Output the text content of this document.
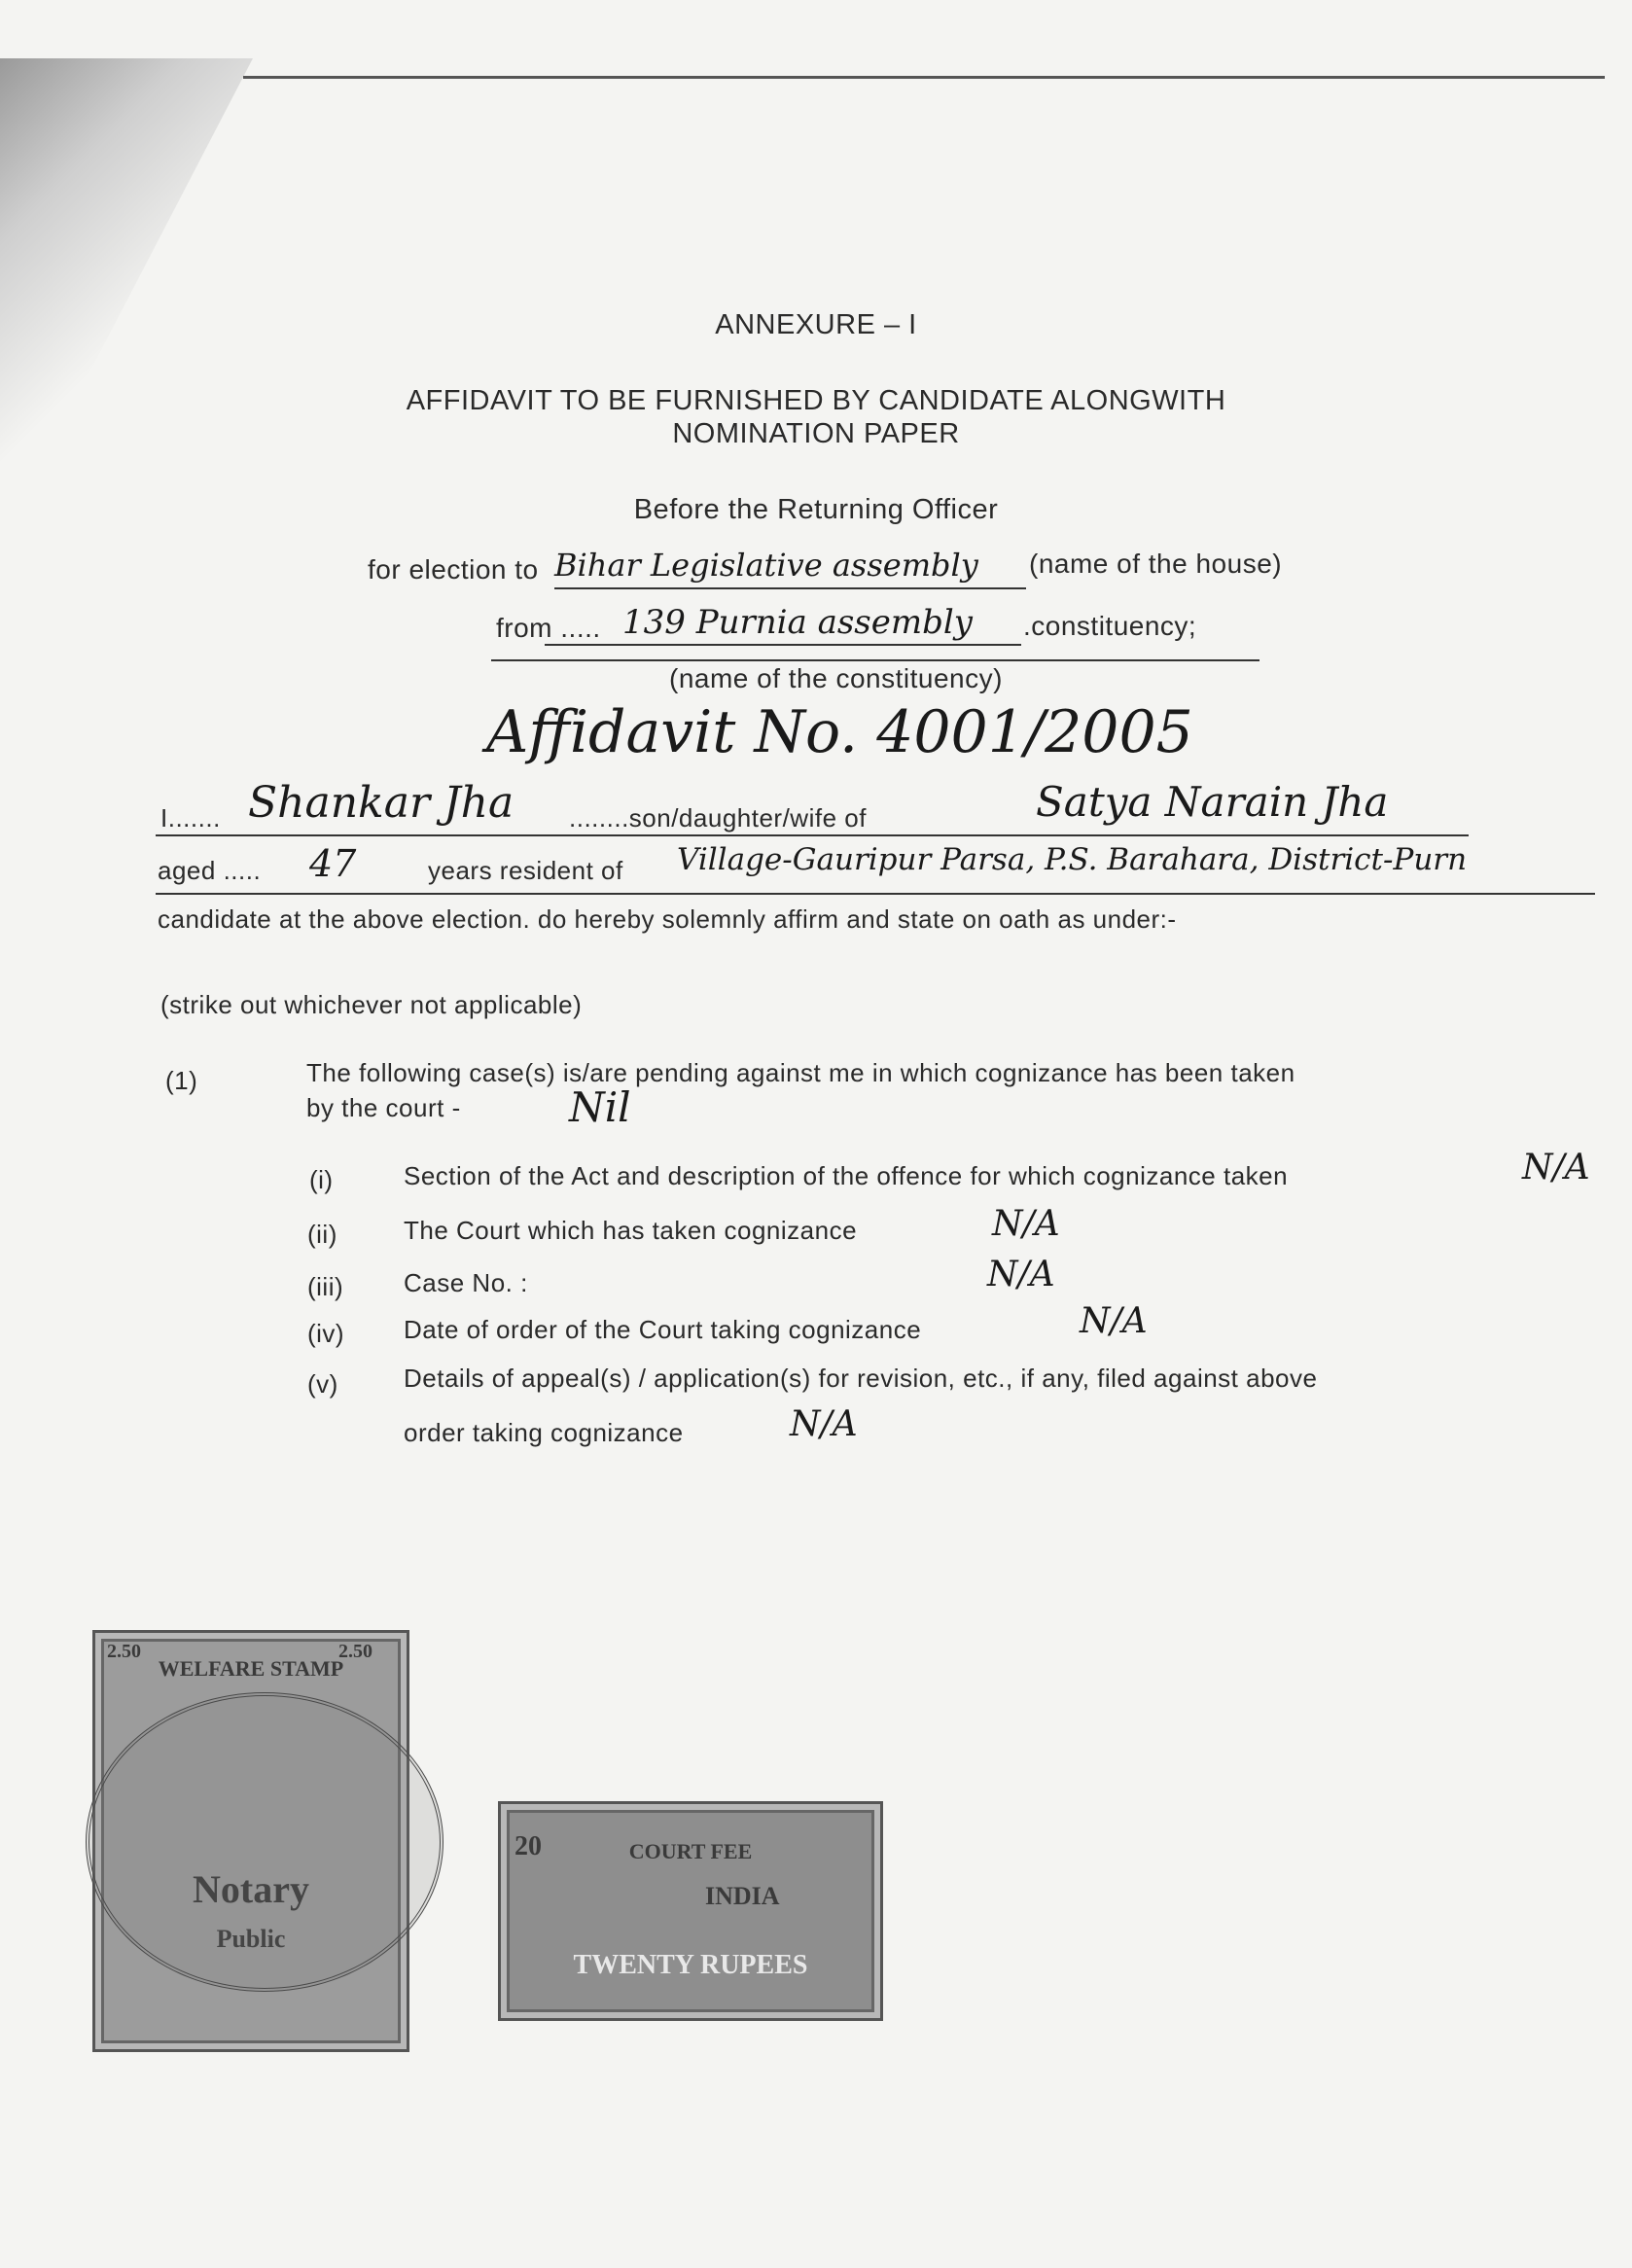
ANNEXURE – I
AFFIDAVIT TO BE FURNISHED BY CANDIDATE ALONGWITH
NOMINATION PAPER
Before the Returning Officer
for election to Bihar Legislative assembly (name of the house)
from ..... 139 Purnia assembly .constituency;
(name of the constituency)
Affidavit No. 4001/2005
I....... Shankar Jha ........son/daughter/wife of	Satya Narain Jha
aged ..... 47	years resident of Village-Gauripur Parsa, P.S. Barahara, District-Purn
candidate at the above election. do hereby solemnly affirm and state on oath as under:-
(strike out whichever not applicable)
(1)	The following case(s) is/are pending against me in which cognizance has been taken
by the court -	Nil
(i)	Section of the Act and description of the offence for which cognizance taken	N/A
(ii)	The Court which has taken cognizance	N/A
(iii) Case No. :	N/A
(iv) Date of order of the Court taking cognizance	N/A
(v)	Details of appeal(s) / application(s) for revision, etc., if any, filed against above
order taking cognizance	N/A
WELFARE STAMP
2.50	2.50
Notary
Public
COURT FEE
20
INDIA
TWENTY RUPEES
